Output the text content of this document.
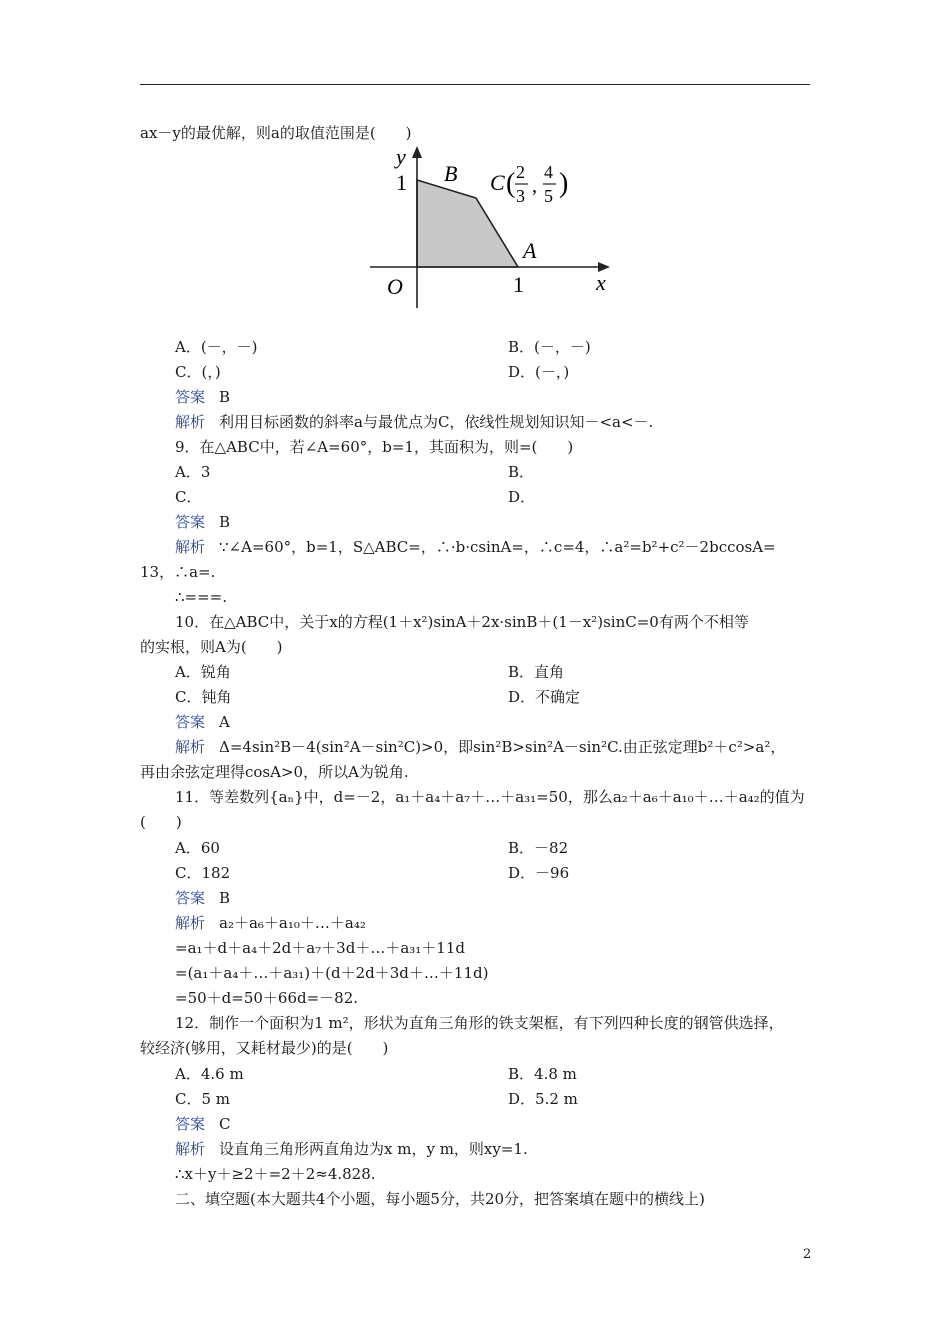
ax－y的最优解，则a的取值范围是(　　)
A．(－，－)	B．(－，－)
C．(，)	D．(－，)
答案 B
解析 利用目标函数的斜率a与最优点为C，依线性规划知识知－<a<－.
9．在△ABC中，若∠A=60°，b=1，其面积为，则=(　　)
A．3	B．
C．	D．
答案 B
解析 ∵∠A=60°，b=1，S△ABC=，∴·b·csinA=，∴c=4，∴a²=b²+c²－2bccosA=
13，∴a=.
∴===.
10．在△ABC中，关于x的方程(1＋x²)sinA＋2x·sinB＋(1－x²)sinC=0有两个不相等
的实根，则A为(　　)
A．锐角	B．直角
C．钝角	D．不确定
答案 A
解析 Δ=4sin²B－4(sin²A－sin²C)>0，即sin²B>sin²A－sin²C.由正弦定理b²＋c²>a²，
再由余弦定理得cosA>0，所以A为锐角.
11．等差数列{aₙ}中，d=－2，a₁＋a₄＋a₇＋…＋a₃₁=50，那么a₂＋a₆＋a₁₀＋…＋a₄₂的值为
(　　)
A．60	B．－82
C．182	D．－96
答案 B
解析 a₂＋a₆＋a₁₀＋…＋a₄₂
=a₁＋d＋a₄＋2d＋a₇＋3d＋…＋a₃₁＋11d
=(a₁＋a₄＋…＋a₃₁)＋(d＋2d＋3d＋…＋11d)
=50＋d=50＋66d=－82.
12．制作一个面积为1 m²，形状为直角三角形的铁支架框，有下列四种长度的钢管供选择，
较经济(够用，又耗材最少)的是(　　)
A．4.6 m	B．4.8 m
C．5 m	D．5.2 m
答案 C
解析 设直角三角形两直角边为x m，y m，则xy=1.
∴x＋y＋≥2＋=2＋2≈4.828.
二、填空题(本大题共4个小题，每小题5分，共20分，把答案填在题中的横线上)
y
x
O
1
1
B
A
C ( 2
3 ,
4
5 )
2
